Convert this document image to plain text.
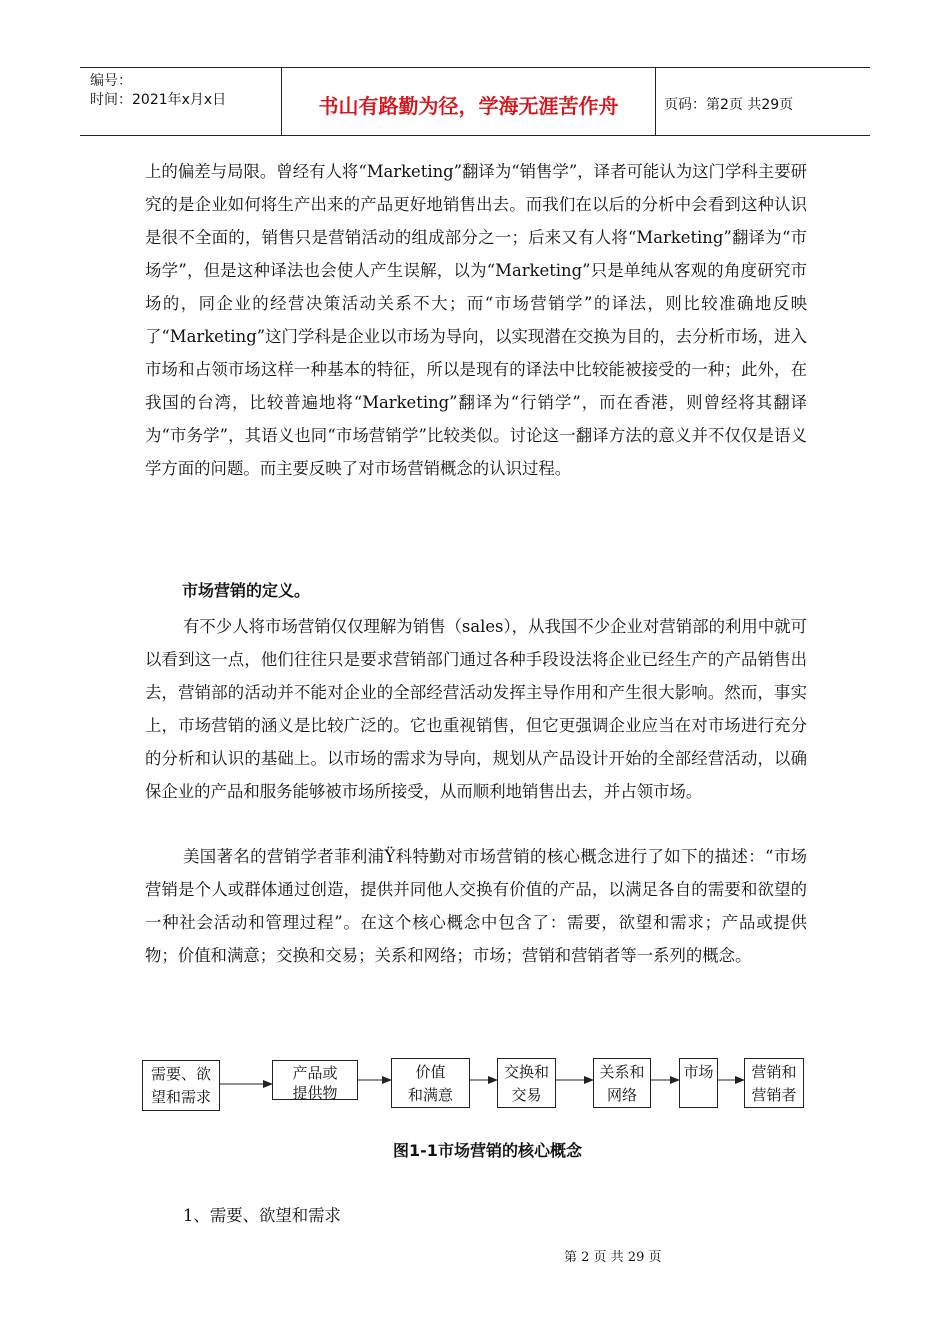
编号：
时间：2021年x月x日	书山有路勤为径，学海无涯苦作舟	页码：第2页 共29页
上的偏差与局限。曾经有人将“Marketing”翻译为“销售学”，译者可能认为这门学科主要研究的是企业如何将生产出来的产品更好地销售出去。而我们在以后的分析中会看到这种认识是很不全面的，销售只是营销活动的组成部分之一；后来又有人将“Marketing”翻译为“市场学”，但是这种译法也会使人产生误解，以为“Marketing”只是单纯从客观的角度研究市场的，同企业的经营决策活动关系不大；而“市场营销学”的译法，则比较准确地反映了“Marketing”这门学科是企业以市场为导向，以实现潜在交换为目的，去分析市场，进入市场和占领市场这样一种基本的特征，所以是现有的译法中比较能被接受的一种；此外，在我国的台湾，比较普遍地将“Marketing”翻译为“行销学”，而在香港，则曾经将其翻译为“市务学”，其语义也同“市场营销学”比较类似。讨论这一翻译方法的意义并不仅仅是语义学方面的问题。而主要反映了对市场营销概念的认识过程。
市场营销的定义。
有不少人将市场营销仅仅理解为销售（sales），从我国不少企业对营销部的利用中就可以看到这一点，他们往往只是要求营销部门通过各种手段设法将企业已经生产的产品销售出去，营销部的活动并不能对企业的全部经营活动发挥主导作用和产生很大影响。然而，事实上，市场营销的涵义是比较广泛的。它也重视销售，但它更强调企业应当在对市场进行充分的分析和认识的基础上。以市场的需求为导向，规划从产品设计开始的全部经营活动，以确保企业的产品和服务能够被市场所接受，从而顺利地销售出去，并占领市场。
美国著名的营销学者菲利浦Ÿ科特勤对市场营销的核心概念进行了如下的描述：“市场营销是个人或群体通过创造，提供并同他人交换有价值的产品，以满足各自的需要和欲望的一种社会活动和管理过程”。在这个核心概念中包含了：需要，欲望和需求；产品或提供物；价值和满意；交换和交易；关系和网络；市场；营销和营销者等一系列的概念。
需要、欲
望和需求
产品或
提供物
价值
和满意
交换和
交易
关系和
网络
市场	营销和
营销者
图1-1市场营销的核心概念
1、需要、欲望和需求
第 2 页 共 29 页
